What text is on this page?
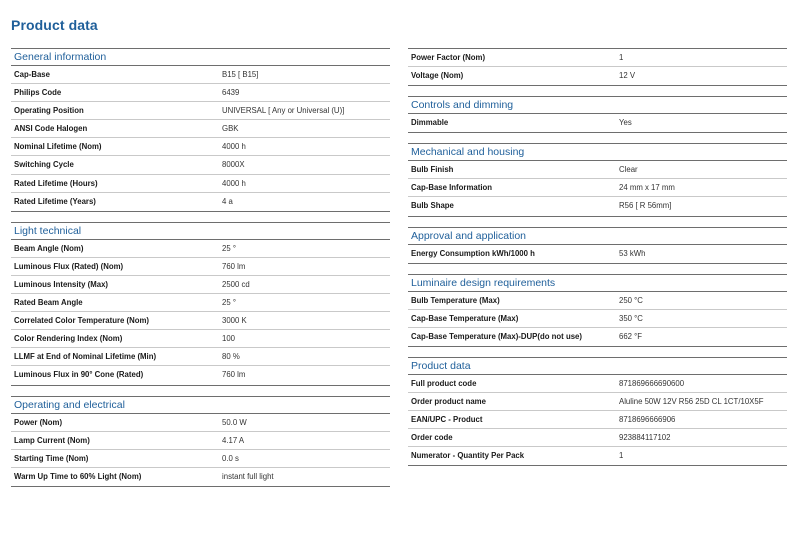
Product data
General information
Cap-Base	B15 [ B15]
Philips Code	6439
Operating Position	UNIVERSAL [ Any or Universal (U)]
ANSI Code Halogen	GBK
Nominal Lifetime (Nom)	4000 h
Switching Cycle	8000X
Rated Lifetime (Hours)	4000 h
Rated Lifetime (Years)	4 a
Light technical
Beam Angle (Nom)	25 °
Luminous Flux (Rated) (Nom)	760 lm
Luminous Intensity (Max)	2500 cd
Rated Beam Angle	25 °
Correlated Color Temperature (Nom)	3000 K
Color Rendering Index (Nom)	100
LLMF at End of Nominal Lifetime (Min)	80 %
Luminous Flux in 90° Cone (Rated)	760 lm
Operating and electrical
Power (Nom)	50.0 W
Lamp Current (Nom)	4.17 A
Starting Time (Nom)	0.0 s
Warm Up Time to 60% Light (Nom)	instant full light
Power Factor (Nom)	1
Voltage (Nom)	12 V
Controls and dimming
Dimmable	Yes
Mechanical and housing
Bulb Finish	Clear
Cap-Base Information	24 mm x 17 mm
Bulb Shape	R56 [ R 56mm]
Approval and application
Energy Consumption kWh/1000 h	53 kWh
Luminaire design requirements
Bulb Temperature (Max)	250 °C
Cap-Base Temperature (Max)	350 °C
Cap-Base Temperature (Max)-DUP(do not use)	662 °F
Product data
Full product code	871869666690600
Order product name	Aluline 50W 12V R56 25D CL 1CT/10X5F
EAN/UPC - Product	8718696666906
Order code	923884117102
Numerator - Quantity Per Pack	1
